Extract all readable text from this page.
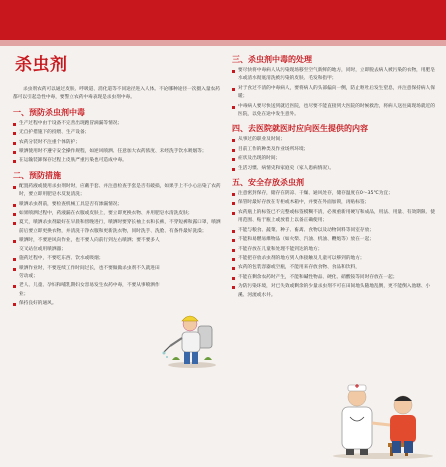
杀虫剂
杀虫剂农药可以通过皮肤、呼吸道、消化道等不同途径进入人体。不论哪种途径一次摄入量农药都可以引起急性中毒，要警立农药中毒表现是杀虫剂中毒。
一、预防杀虫剂中毒
生产过程中由于设备不完善出现跑冒滴漏等情况；
无自护措施下的投喂、生产设备；
农药分装时不注重个体防护；
喷洒使用时不遵守安全操作规程，如逆风喷洒、任意加大农药浓度、未经洗手饮水吸烟等；
在运输装卸保存过程上皮肤严重污染也可造成中毒。
二、预防措施
配置药液或使用杀虫剂时时，应戴手套、并注意检查手套是否有破损，如果手上不小心沾染了农药时，要立即用肥皂水反复清洗；
喷洒杀虫剂前，要检查机械工具是否有渗漏情况；
如果喷洒过程中，药液漏在衣服或皮肤上，要立即更换衣物、并用肥皂水清洗皮肤；
夏天，喷洒杀虫剂最好在早晨和傍晚进行，喷洒时要穿长袖上衣和长裤，不穿短裤和露口罩，喷洒前后要立即更换衣物，并清洗干净衣服和更新洗衣物，同时洗手、洗脸、有条件最好洗澡；
喷洒时，不要逆风向作业，也不要人向前行到左右喷洒；要不要多人交叉站位或用喷洒器；
施药过程中，不要吃东西、饮水或吸烟；
喷洒作业时，不要连续工作时间过长，也不要做做杀虫剂不久就进田劳动或；
老人、儿童、孕妇和哺乳期妇女容易发生农药中毒，不要从事喷洒作业；
保持良好的通风。
三、杀虫剂中毒的处理
要尽快将中毒病人从污染现场移至空气新鲜的地方，同时，立即脱去病人被污染的衣物，用肥皂水或清水彻底清洗被污染的皮肤、毛发和指甲；
对于食过不清的中毒病人，要将病人的头部偏向一侧，防止呕吐后发生窒息，并注意保持病人保暖；
中毒病人要尽快送到就近医院，也尽要不能直接到大医院的时候救治，将病人送往离现场就近的医院，以免在途中发生意外。
四、去医院就医时应向医生提供的内容
从事过的职业及时间；
目前工作的种类及作业场所环境；
症状及出现的时间；
生活习惯、病情史和家庭史（家人患病情况）。
五、安全存放杀虫剂
注意密封保存，储存在阴凉、干燥、通风处存，储存温度在0～35℃为宜；
保管时最好存放在专柜或木箱中，并要在外面加锁，再贴标签；
农药瓶上的标签已不完整或标签模糊不清，必须重新用硬写和成品，用法、用量、有效期限、使用范围、贴于瓶上或放着上以备正确使用；
不能与粮食、蔬菜、种子、畜禽、食物以及动物饲料等同室存放；
不能和易燃易爆物品（如火柴、汽油、机油、鞭炮等）放在一起；
不能存放在儿童和处理不能到达的地方；
不能把存放杀虫剂的地方到人体接触及儿童可以够到的地方；
农药的包装容器或空瓶，不能用来存放食物、食品和饮料，
不能在剩余农药时产生，不能和碱性物品、硬化、硝酸铵等同时存放在一起；
为防污染环境，对已失效或剩余的少量杀虫剂不可在田间地头随地乱倒，更不能倒入池塘、小溪、河流或水井。
